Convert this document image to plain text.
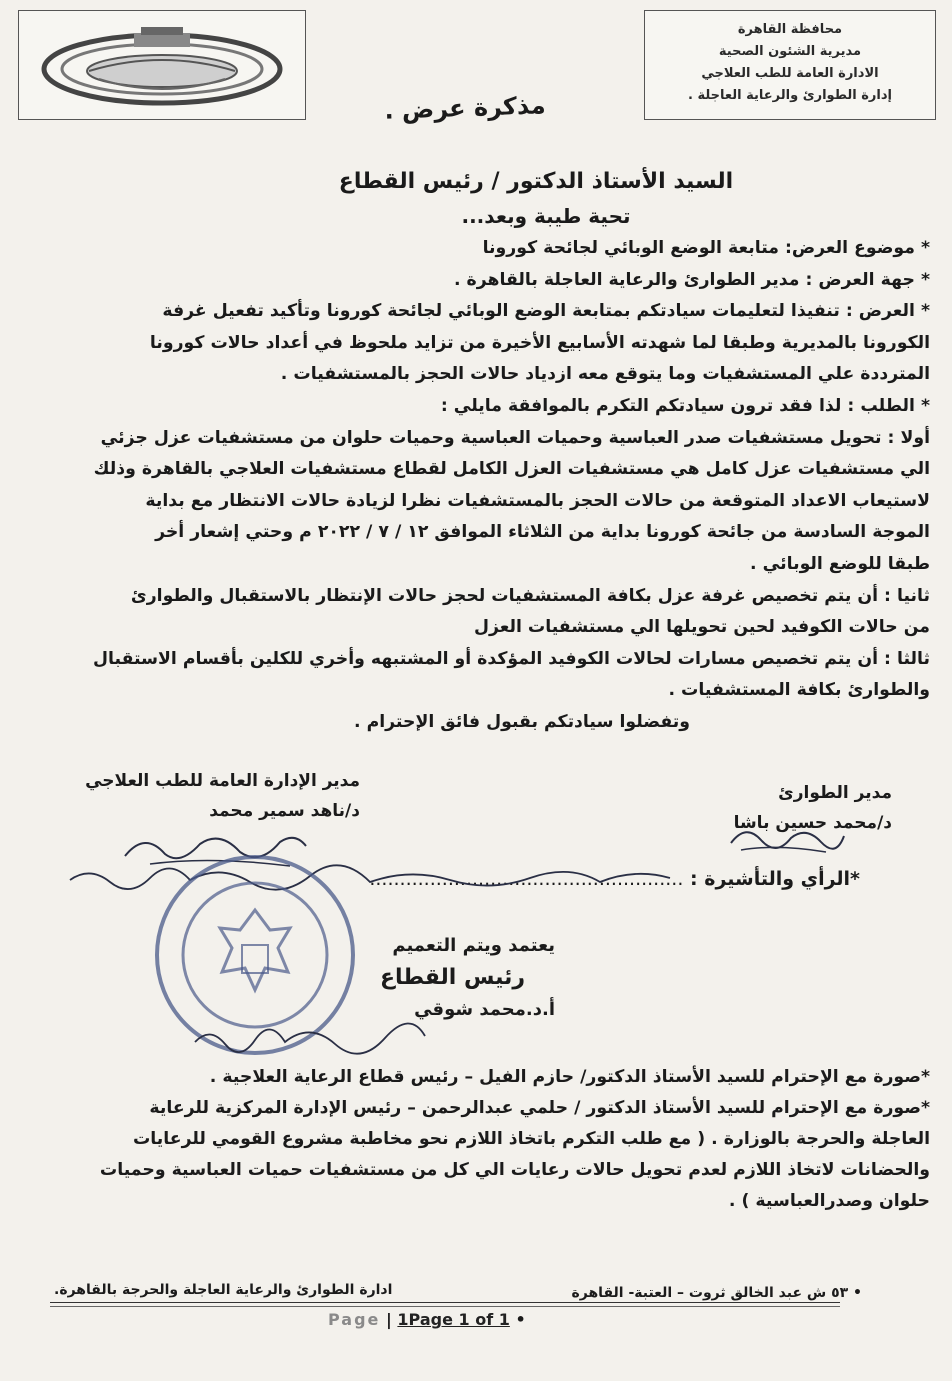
محافظة القاهرة
مديرية الشئون الصحية
الادارة العامة للطب العلاجي
إدارة الطوارئ والرعاية العاجلة .
مذكرة عرض .
السيد الأستاذ الدكتور / رئيس القطاع
تحية طيبة وبعد...
* موضوع العرض: متابعة الوضع الوبائي لجائحة كورونا
* جهة العرض : مدير الطوارئ والرعاية العاجلة بالقاهرة .
* العرض : تنفيذا لتعليمات سيادتكم بمتابعة الوضع الوبائي لجائحة كورونا وتأكيد تفعيل غرفة
الكورونا بالمديرية وطبقا لما شهدته الأسابيع الأخيرة من تزايد ملحوظ في أعداد حالات كورونا
المترددة علي المستشفيات وما يتوقع معه ازدياد حالات الحجز بالمستشفيات .
* الطلب : لذا فقد ترون سيادتكم التكرم بالموافقة مايلي :
أولا : تحويل مستشفيات صدر العباسية وحميات العباسية وحميات حلوان من مستشفيات عزل جزئي
الي مستشفيات عزل كامل هي مستشفيات العزل الكامل لقطاع مستشفيات العلاجي بالقاهرة وذلك
لاستيعاب الاعداد المتوقعة من حالات الحجز بالمستشفيات نظرا لزيادة حالات الانتظار مع بداية
الموجة السادسة من جائحة كورونا بداية من الثلاثاء الموافق ١٢ / ٧ / ٢٠٢٢ م وحتي إشعار أخر
طبقا للوضع الوبائي .
ثانيا : أن يتم تخصيص غرفة عزل بكافة المستشفيات لحجز حالات الإنتظار بالاستقبال والطوارئ
من حالات الكوفيد لحين تحويلها الي مستشفيات العزل
ثالثا : أن يتم تخصيص مسارات لحالات الكوفيد المؤكدة أو المشتبهه وأخري للكلين بأقسام الاستقبال
والطوارئ بكافة المستشفيات .
وتفضلوا سيادتكم بقبول فائق الإحترام .
مدير الطوارئ
د/محمد حسين باشا
مدير الإدارة العامة للطب العلاجي
د/ناهد سمير محمد
*الرأي والتأشيرة : ....................................................
يعتمد ويتم التعميم
رئيس القطاع
أ.د.محمد شوقي
*صورة مع الإحترام للسيد الأستاذ الدكتور/ حازم الفيل – رئيس قطاع الرعاية العلاجية .
*صورة مع الإحترام للسيد الأستاذ الدكتور / حلمي عبدالرحمن – رئيس الإدارة المركزية للرعاية
العاجلة والحرجة بالوزارة . ( مع طلب التكرم باتخاذ اللازم نحو مخاطبة مشروع القومي للرعايات
والحضانات لاتخاذ اللازم لعدم تحويل حالات رعايات الي كل من مستشفيات حميات العباسية وحميات
حلوان وصدرالعباسية ) .
• ٥٣ ش عبد الخالق ثروت – العتبة- القاهرة
ادارة الطوارئ والرعاية العاجلة والحرجة بالقاهرة.
Page | 1Page 1 of 1 •
